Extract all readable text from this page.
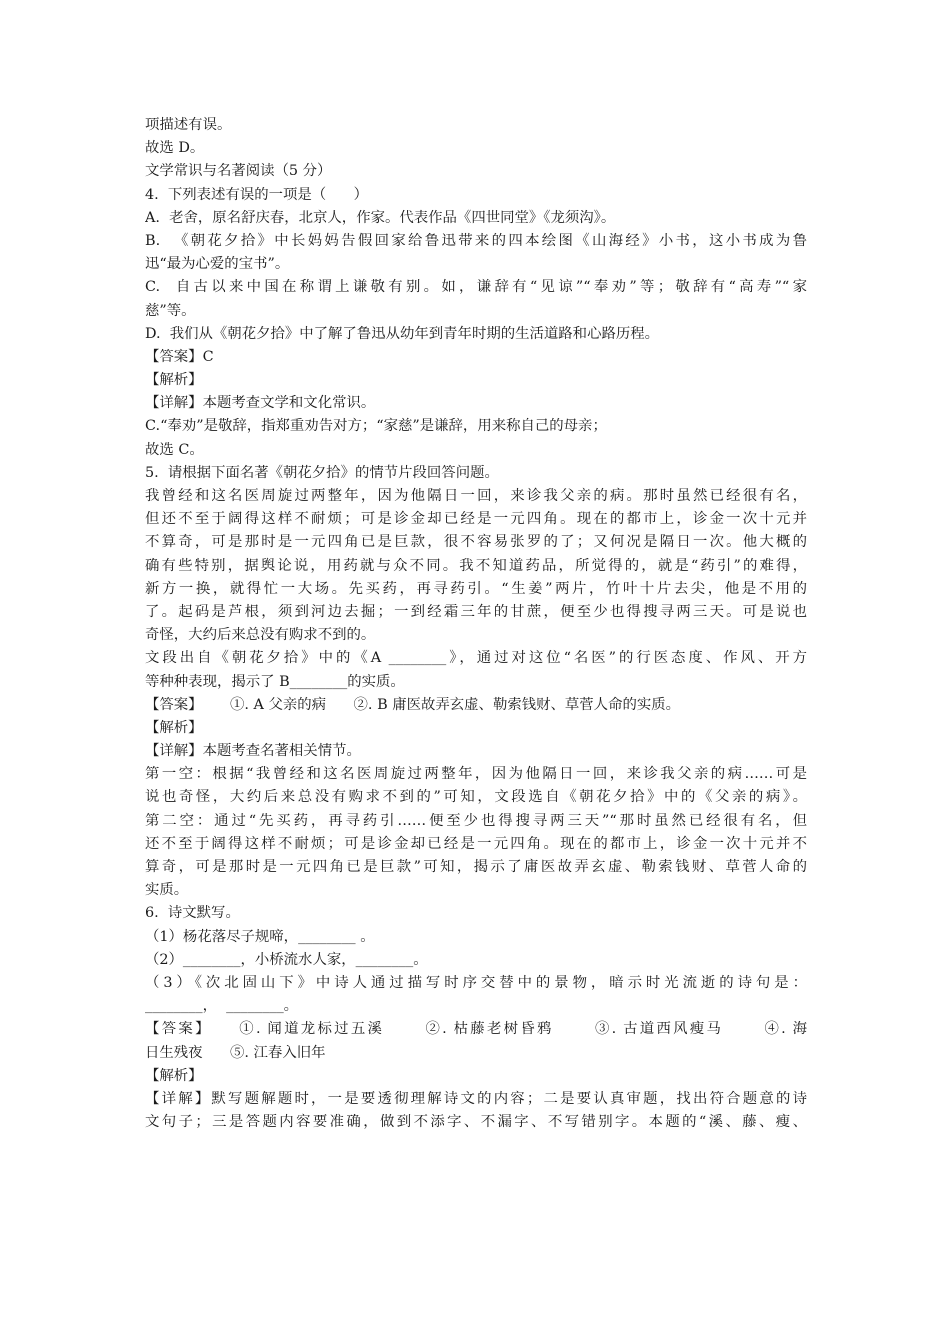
项描述有误。
故选 D。
文学常识与名著阅读（5 分）
4.  下列表述有误的一项是（      ）
A.  老舍，原名舒庆春，北京人，作家。代表作品《四世同堂》《龙须沟》。
B.  《朝花夕拾》中长妈妈告假回家给鲁迅带来的四本绘图《山海经》小书，这小书成为鲁
迅“最为心爱的宝书”。
C.  自古以来中国在称谓上谦敬有别。如，谦辞有“见谅”“奉劝”等；敬辞有“高寿”“家
慈”等。
D.  我们从《朝花夕拾》中了解了鲁迅从幼年到青年时期的生活道路和心路历程。
【答案】C
【解析】
【详解】本题考查文学和文化常识。
C.“奉劝”是敬辞，指郑重劝告对方；“家慈”是谦辞，用来称自己的母亲；
故选 C。
5.  请根据下面名著《朝花夕拾》的情节片段回答问题。
我曾经和这名医周旋过两整年，因为他隔日一回，来诊我父亲的病。那时虽然已经很有名，
但还不至于阔得这样不耐烦；可是诊金却已经是一元四角。现在的都市上，诊金一次十元并
不算奇，可是那时是一元四角已是巨款，很不容易张罗的了；又何况是隔日一次。他大概的
确有些特别，据舆论说，用药就与众不同。我不知道药品，所觉得的，就是“药引”的难得，
新方一换，就得忙一大场。先买药，再寻药引。“生姜”两片，竹叶十片去尖，他是不用的
了。起码是芦根，须到河边去掘；一到经霜三年的甘蔗，便至少也得搜寻两三天。可是说也
奇怪，大约后来总没有购求不到的。
文段出自《朝花夕拾》中的《A ________》，通过对这位“名医”的行医态度、作风、开方
等种种表现，揭示了 B________的实质。
【答案】      ①. A 父亲的病      ②. B 庸医故弄玄虚、勒索钱财、草菅人命的实质。
【解析】
【详解】本题考查名著相关情节。
第一空：根据“我曾经和这名医周旋过两整年，因为他隔日一回，来诊我父亲的病……可是
说也奇怪，大约后来总没有购求不到的”可知，文段选自《朝花夕拾》中的《父亲的病》。
第二空：通过“先买药，再寻药引……便至少也得搜寻两三天”“那时虽然已经很有名，但
还不至于阔得这样不耐烦；可是诊金却已经是一元四角。现在的都市上，诊金一次十元并不
算奇，可是那时是一元四角已是巨款”可知，揭示了庸医故弄玄虚、勒索钱财、草菅人命的
实质。
6.  诗文默写。
（1）杨花落尽子规啼，________ 。
（2）________，小桥流水人家，________。
（3）《次北固山下》中诗人通过描写时序交替中的景物，暗示时光流逝的诗句是：
________，  ________。
【答案】    ①. 闻道龙标过五溪      ②. 枯藤老树昏鸦      ③. 古道西风瘦马      ④. 海
日生残夜      ⑤. 江春入旧年
【解析】
【详解】默写题解题时，一是要透彻理解诗文的内容；二是要认真审题，找出符合题意的诗
文句子；三是答题内容要准确，做到不添字、不漏字、不写错别字。本题的“溪、藤、瘦、
